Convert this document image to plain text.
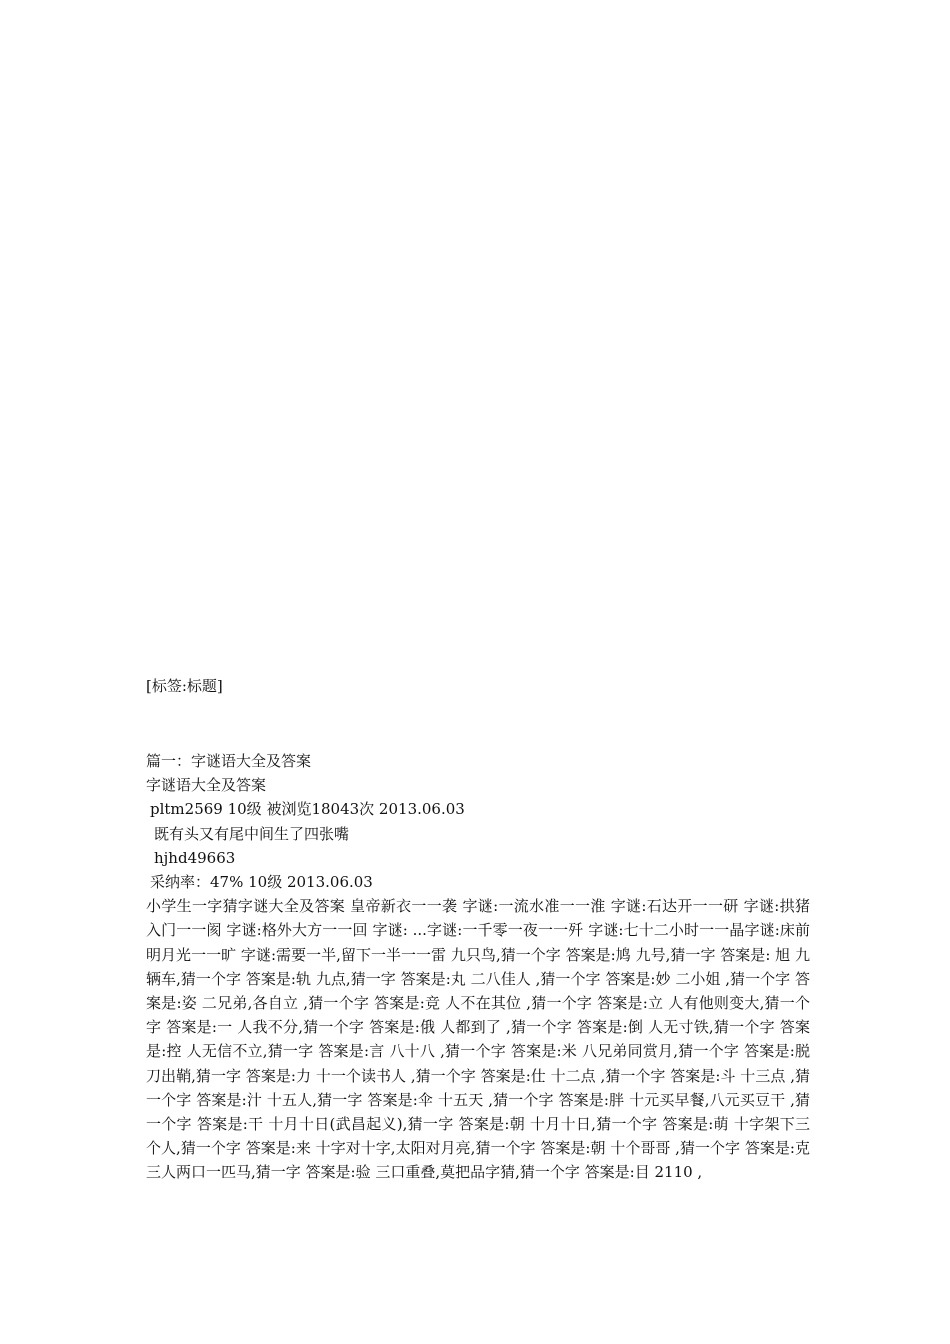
[标签:标题]
篇一：字谜语大全及答案
字谜语大全及答案
pltm2569 10级 被浏览18043次 2013.06.03
既有头又有尾中间生了四张嘴
hjhd49663
采纳率：47% 10级 2013.06.03
小学生一字猜字谜大全及答案 皇帝新衣一一袭 字谜:一流水准一一淮 字谜:石达开一一研 字谜:拱猪入门一一阂 字谜:格外大方一一回 字谜: ...字谜:一千零一夜一一歼 字谜:七十二小时一一晶字谜:床前明月光一一旷 字谜:需要一半,留下一半一一雷 九只鸟,猜一个字 答案是:鸠 九号,猜一字 答案是: 旭 九辆车,猜一个字 答案是:轨 九点,猜一字 答案是:丸 二八佳人 ,猜一个字 答案是:妙 二小姐 ,猜一个字 答案是:姿 二兄弟,各自立 ,猜一个字 答案是:竞 人不在其位 ,猜一个字 答案是:立 人有他则变大,猜一个字 答案是:一 人我不分,猜一个字 答案是:俄 人都到了 ,猜一个字 答案是:倒 人无寸铁,猜一个字 答案是:控 人无信不立,猜一字 答案是:言 八十八 ,猜一个字 答案是:米 八兄弟同赏月,猜一个字 答案是:脱 刀出鞘,猜一字 答案是:力 十一个读书人 ,猜一个字 答案是:仕 十二点 ,猜一个字 答案是:斗 十三点 ,猜一个字 答案是:汁 十五人,猜一字 答案是:伞 十五天 ,猜一个字 答案是:胖 十元买早餐,八元买豆干 ,猜一个字 答案是:干 十月十日(武昌起义),猜一字 答案是:朝 十月十日,猜一个字 答案是:萌 十字架下三个人,猜一个字 答案是:来 十字对十字,太阳对月亮,猜一个字 答案是:朝 十个哥哥 ,猜一个字 答案是:克 三人两口一匹马,猜一字 答案是:验 三口重叠,莫把品字猜,猜一个字 答案是:目 2110 ,
